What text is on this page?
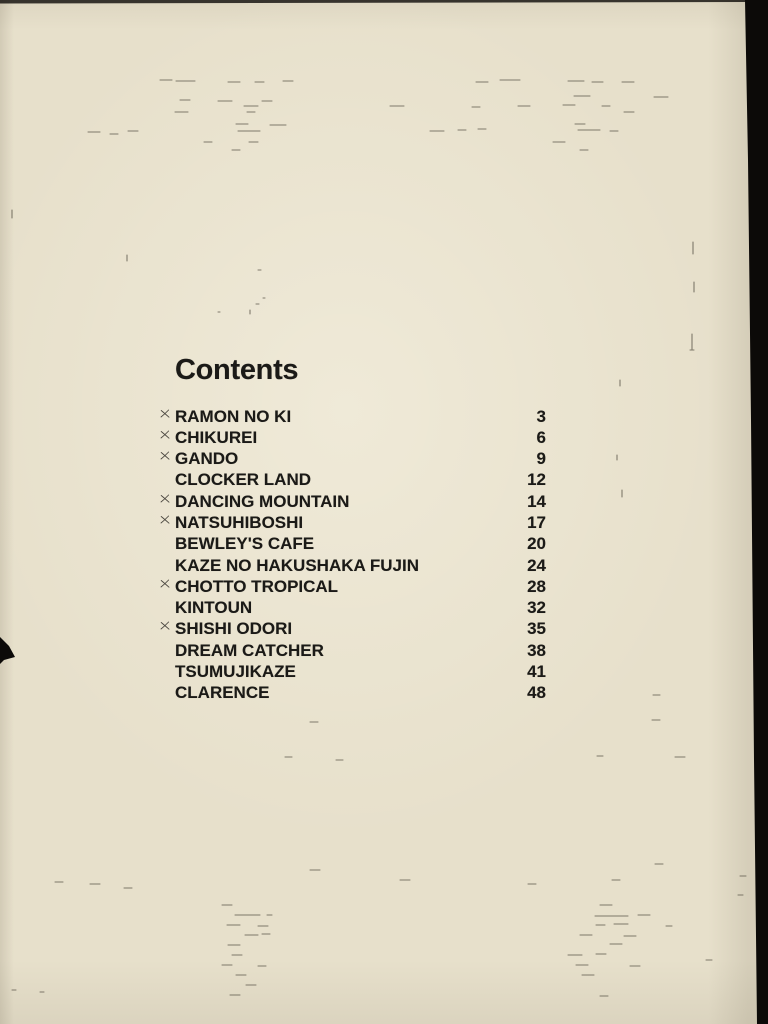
Contents
RAMON NO KI	3
CHIKUREI	6
GANDO	9
CLOCKER LAND	12
DANCING MOUNTAIN	14
NATSUHIBOSHI	17
BEWLEY'S CAFE	20
KAZE NO HAKUSHAKA FUJIN	24
CHOTTO TROPICAL	28
KINTOUN	32
SHISHI ODORI	35
DREAM CATCHER	38
TSUMUJIKAZE	41
CLARENCE	48
